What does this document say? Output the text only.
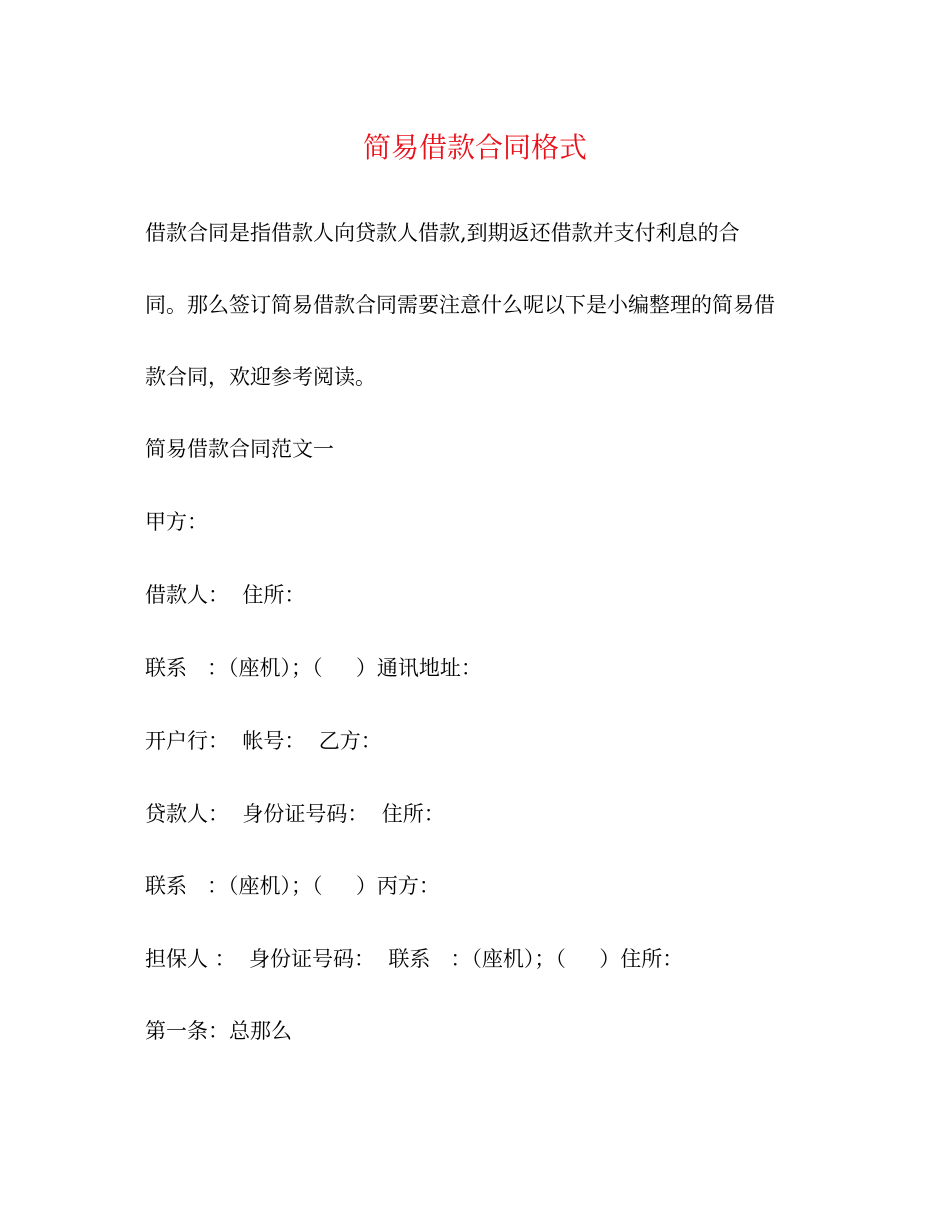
简易借款合同格式
借款合同是指借款人向贷款人借款,到期返还借款并支付利息的合
同。那么签订简易借款合同需要注意什么呢以下是小编整理的简易借
款合同，欢迎参考阅读。
简易借款合同范文一
甲方：
借款人：  住所：
联系   ：（座机）；（     ）通讯地址：
开户行：  帐号：  乙方：
贷款人：  身份证号码：  住所：
联系   ：（座机）；（     ）丙方：
担保人 ：  身份证号码：  联系   ：（座机）；（     ）住所：
第一条：总那么
